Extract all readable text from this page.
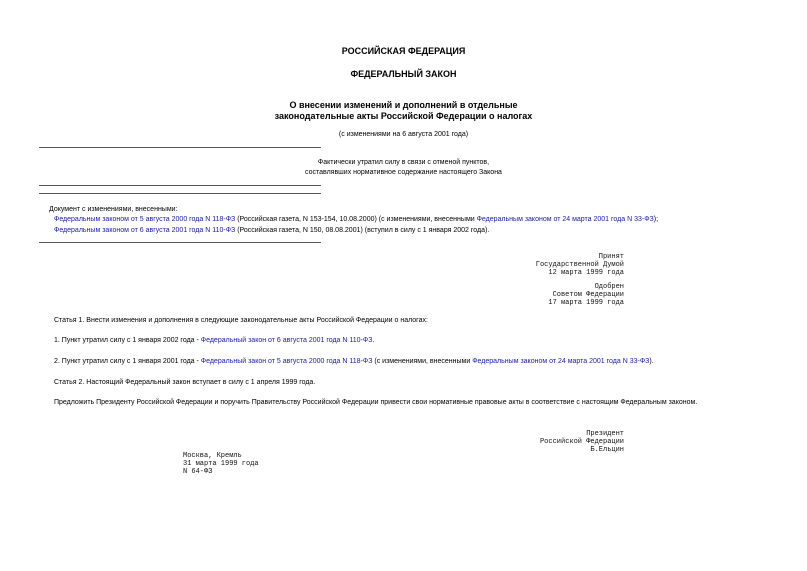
РОССИЙСКАЯ ФЕДЕРАЦИЯ
ФЕДЕРАЛЬНЫЙ ЗАКОН
О внесении изменений и дополнений в отдельные
законодательные акты Российской Федерации о налогах
(с изменениями на 6 августа 2001 года)
Фактически утратил силу в связи с отменой пунктов,
составлявших нормативное содержание настоящего Закона
Документ с изменениями, внесенными:
Федеральным законом от 5 августа 2000 года N 118-ФЗ (Российская газета, N 153-154, 10.08.2000) (с изменениями, внесенными Федеральным законом от 24 марта 2001 года N 33-ФЗ);
Федеральным законом от 6 августа 2001 года N 110-ФЗ (Российская газета, N 150, 08.08.2001) (вступил в силу с 1 января 2002 года).
Принят
Государственной Думой
12 марта 1999 года
Одобрен
Советом Федерации
17 марта 1999 года
Статья 1. Внести изменения и дополнения в следующие законодательные акты Российской Федерации о налогах:
1. Пункт утратил силу с 1 января 2002 года - Федеральный закон от 6 августа 2001 года N 110-ФЗ.
2. Пункт утратил силу с 1 января 2001 года - Федеральный закон от 5 августа 2000 года N 118-ФЗ (с изменениями, внесенными Федеральным законом от 24 марта 2001 года N 33-ФЗ).
Статья 2. Настоящий Федеральный закон вступает в силу с 1 апреля 1999 года.
Предложить Президенту Российской Федерации и поручить Правительству Российской Федерации привести свои нормативные правовые акты в соответствие с настоящим Федеральным законом.
Президент
Российской Федерации
Б.Ельцин
Москва, Кремль
31 марта 1999 года
N 64-ФЗ
